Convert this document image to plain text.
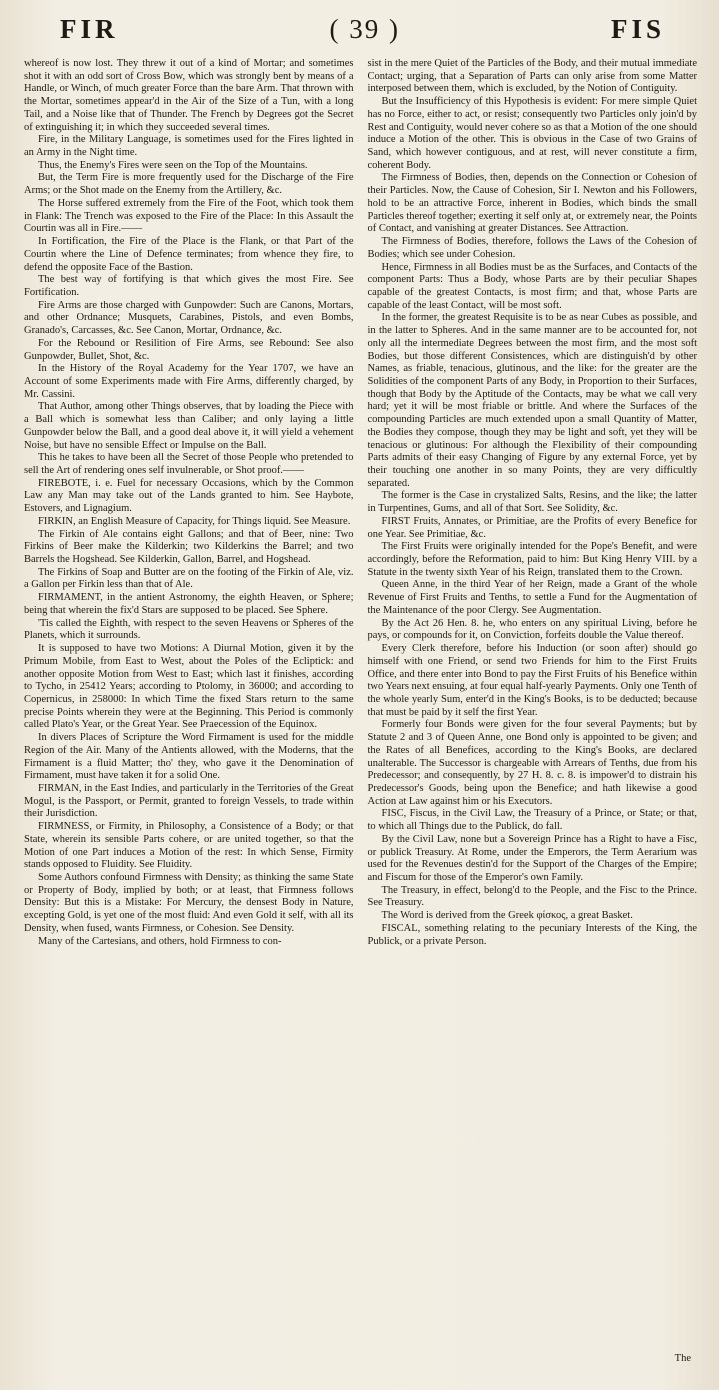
FIR	( 39 )	FIS

whereof is now lost. They threw it out of a kind of Mortar; and sometimes shot it with an odd sort of Cross Bow, which was strongly bent by means of a Handle, or Winch, of much greater Force than the bare Arm. That thrown with the Mortar, sometimes appear'd in the Air of the Size of a Tun, with a long Tail, and a Noise like that of Thunder. The French by Degrees got the Secret of extinguishing it; in which they succeeded several times.

Fire, in the Military Language, is sometimes used for the Fires lighted in an Army in the Night time.

Thus, the Enemy's Fires were seen on the Top of the Mountains.

But, the Term Fire is more frequently used for the Discharge of the Fire Arms; or the Shot made on the Enemy from the Artillery, &c.

The Horse suffered extremely from the Fire of the Foot, which took them in Flank: The Trench was exposed to the Fire of the Place: In this Assault the Courtin was all in Fire.——

In Fortification, the Fire of the Place is the Flank, or that Part of the Courtin where the Line of Defence terminates; from whence they fire, to defend the opposite Face of the Bastion.

The best way of fortifying is that which gives the most Fire. See Fortification.

Fire Arms are those charged with Gunpowder: Such are Canons, Mortars, and other Ordnance; Musquets, Carabines, Pistols, and even Bombs, Granado's, Carcasses, &c. See Canon, Mortar, Ordnance, &c.

For the Rebound or Resilition of Fire Arms, see Rebound: See also Gunpowder, Bullet, Shot, &c.

In the History of the Royal Academy for the Year 1707, we have an Account of some Experiments made with Fire Arms, differently charged, by Mr. Cassini.

That Author, among other Things observes, that by loading the Piece with a Ball which is somewhat less than Caliber; and only laying a little Gunpowder below the Ball, and a good deal above it, it will yield a vehement Noise, but have no sensible Effect or Impulse on the Ball.

This he takes to have been all the Secret of those People who pretended to sell the Art of rendering ones self invulnerable, or Shot proof.——

FIREBOTE, i. e. Fuel for necessary Occasions, which by the Common Law any Man may take out of the Lands granted to him. See Haybote, Estovers, and Lignagium.

FIRKIN, an English Measure of Capacity, for Things liquid. See Measure.

The Firkin of Ale contains eight Gallons; and that of Beer, nine: Two Firkins of Beer make the Kilderkin; two Kilderkins the Barrel; and two Barrels the Hogshead. See Kilderkin, Gallon, Barrel, and Hogshead.

The Firkins of Soap and Butter are on the footing of the Firkin of Ale, viz. a Gallon per Firkin less than that of Ale.

FIRMAMENT, in the antient Astronomy, the eighth Heaven, or Sphere; being that wherein the fix'd Stars are supposed to be placed. See Sphere.

'Tis called the Eighth, with respect to the seven Heavens or Spheres of the Planets, which it surrounds.

It is supposed to have two Motions: A Diurnal Motion, given it by the Primum Mobile, from East to West, about the Poles of the Ecliptick: and another opposite Motion from West to East; which last it finishes, according to Tycho, in 25412 Years; according to Ptolomy, in 36000; and according to Copernicus, in 258000: In which Time the fixed Stars return to the same precise Points wherein they were at the Beginning. This Period is commonly called Plato's Year, or the Great Year. See Praecession of the Equinox.

In divers Places of Scripture the Word Firmament is used for the middle Region of the Air. Many of the Antients allowed, with the Moderns, that the Firmament is a fluid Matter; tho' they, who gave it the Denomination of Firmament, must have taken it for a solid One.

FIRMAN, in the East Indies, and particularly in the Territories of the Great Mogul, is the Passport, or Permit, granted to foreign Vessels, to trade within their Jurisdiction.

FIRMNESS, or Firmity, in Philosophy, a Consistence of a Body; or that State, wherein its sensible Parts cohere, or are united together, so that the Motion of one Part induces a Motion of the rest: In which Sense, Firmity stands opposed to Fluidity. See Fluidity.

Some Authors confound Firmness with Density; as thinking the same State or Property of Body, implied by both; or at least, that Firmness follows Density: But this is a Mistake: For Mercury, the densest Body in Nature, excepting Gold, is yet one of the most fluid: And even Gold it self, with all its Density, when fused, wants Firmness, or Cohesion. See Density.

Many of the Cartesians, and others, hold Firmness to con-

sist in the mere Quiet of the Particles of the Body, and their mutual immediate Contact; urging, that a Separation of Parts can only arise from some Matter interposed between them, which is excluded, by the Notion of Contiguity.

But the Insufficiency of this Hypothesis is evident: For mere simple Quiet has no Force, either to act, or resist; consequently two Particles only join'd by Rest and Contiguity, would never cohere so as that a Motion of the one should induce a Motion of the other. This is obvious in the Case of two Grains of Sand, which however contiguous, and at rest, will never constitute a firm, coherent Body.

The Firmness of Bodies, then, depends on the Connection or Cohesion of their Particles. Now, the Cause of Cohesion, Sir I. Newton and his Followers, hold to be an attractive Force, inherent in Bodies, which binds the small Particles thereof together; exerting it self only at, or extremely near, the Points of Contact, and vanishing at greater Distances. See Attraction.

The Firmness of Bodies, therefore, follows the Laws of the Cohesion of Bodies; which see under Cohesion.

Hence, Firmness in all Bodies must be as the Surfaces, and Contacts of the component Parts: Thus a Body, whose Parts are by their peculiar Shapes capable of the greatest Contacts, is most firm; and that, whose Parts are capable of the least Contact, will be most soft.

In the former, the greatest Requisite is to be as near Cubes as possible, and in the latter to Spheres. And in the same manner are to be accounted for, not only all the intermediate Degrees between the most firm, and the most soft Bodies, but those different Consistences, which are distinguish'd by other Names, as friable, tenacious, glutinous, and the like: for the greater are the Solidities of the component Parts of any Body, in Proportion to their Surfaces, though that Body by the Aptitude of the Contacts, may be what we call very hard; yet it will be most friable or brittle. And where the Surfaces of the compounding Particles are much extended upon a small Quantity of Matter, the Bodies they compose, though they may be light and soft, yet they will be tenacious or glutinous: For although the Flexibility of their compounding Parts admits of their easy Changing of Figure by any external Force, yet by their touching one another in so many Points, they are very difficultly separated.

The former is the Case in crystalized Salts, Resins, and the like; the latter in Turpentines, Gums, and all of that Sort. See Solidity, &c.

FIRST Fruits, Annates, or Primitiae, are the Profits of every Benefice for one Year. See Primitiae, &c.

The First Fruits were originally intended for the Pope's Benefit, and were accordingly, before the Reformation, paid to him: But King Henry VIII. by a Statute in the twenty sixth Year of his Reign, translated them to the Crown.

Queen Anne, in the third Year of her Reign, made a Grant of the whole Revenue of First Fruits and Tenths, to settle a Fund for the Augmentation of the Maintenance of the poor Clergy. See Augmentation.

By the Act 26 Hen. 8. he, who enters on any spiritual Living, before he pays, or compounds for it, on Conviction, forfeits double the Value thereof.

Every Clerk therefore, before his Induction (or soon after) should go himself with one Friend, or send two Friends for him to the First Fruits Office, and there enter into Bond to pay the First Fruits of his Benefice within two Years next ensuing, at four equal half-yearly Payments. Only one Tenth of the whole yearly Sum, enter'd in the King's Books, is to be deducted; because that must be paid by it self the first Year.

Formerly four Bonds were given for the four several Payments; but by Statute 2 and 3 of Queen Anne, one Bond only is appointed to be given; and the Rates of all Benefices, according to the King's Books, are declared unalterable. The Successor is chargeable with Arrears of Tenths, due from his Predecessor; and consequently, by 27 H. 8. c. 8. is impower'd to distrain his Predecessor's Goods, being upon the Benefice; and hath likewise a good Action at Law against him or his Executors.

FISC, Fiscus, in the Civil Law, the Treasury of a Prince, or State; or that, to which all Things due to the Publick, do fall.

By the Civil Law, none but a Sovereign Prince has a Right to have a Fisc, or publick Treasury. At Rome, under the Emperors, the Term Aerarium was used for the Revenues destin'd for the Support of the Charges of the Empire; and Fiscum for those of the Emperor's own Family.

The Treasury, in effect, belong'd to the People, and the Fisc to the Prince. See Treasury.

The Word is derived from the Greek φίσκος, a great Basket.

FISCAL, something relating to the pecuniary Interests of the King, the Publick, or a private Person.

The
